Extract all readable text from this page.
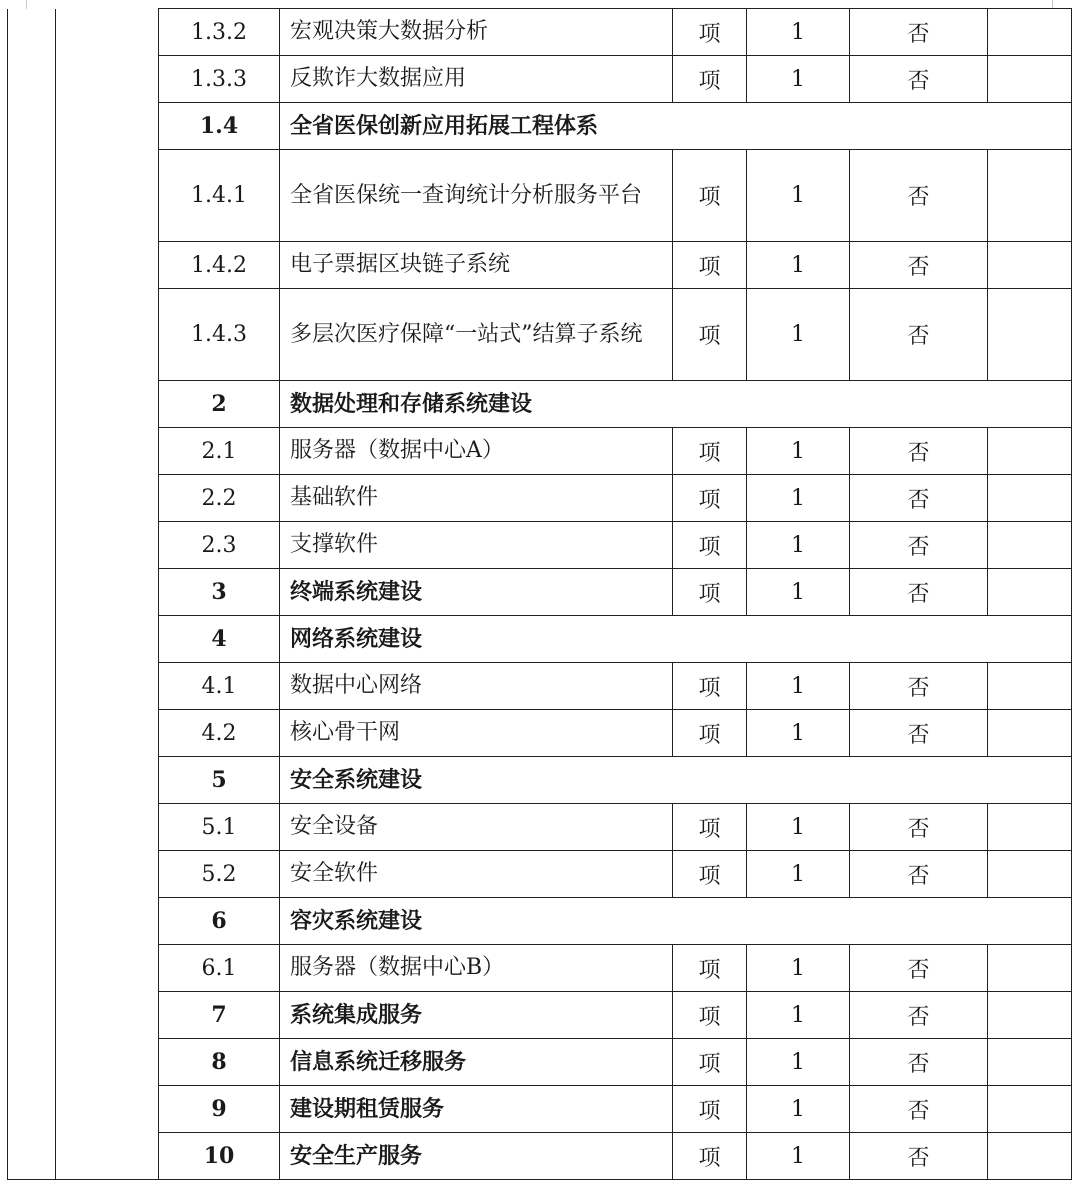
		1.3.2	宏观决策大数据分析	项	1	否	
		1.3.3	反欺诈大数据应用	项	1	否	
		1.4	全省医保创新应用拓展工程体系				
		1.4.1	全省医保统一查询统计分析服务平台	项	1	否	
		1.4.2	电子票据区块链子系统	项	1	否	
		1.4.3	多层次医疗保障“一站式”结算子系统	项	1	否	
		2	数据处理和存储系统建设				
		2.1	服务器（数据中心A）	项	1	否	
		2.2	基础软件	项	1	否	
		2.3	支撑软件	项	1	否	
		3	终端系统建设	项	1	否	
		4	网络系统建设				
		4.1	数据中心网络	项	1	否	
		4.2	核心骨干网	项	1	否	
		5	安全系统建设				
		5.1	安全设备	项	1	否	
		5.2	安全软件	项	1	否	
		6	容灾系统建设				
		6.1	服务器（数据中心B）	项	1	否	
		7	系统集成服务	项	1	否	
		8	信息系统迁移服务	项	1	否	
		9	建设期租赁服务	项	1	否	
		10	安全生产服务	项	1	否	
